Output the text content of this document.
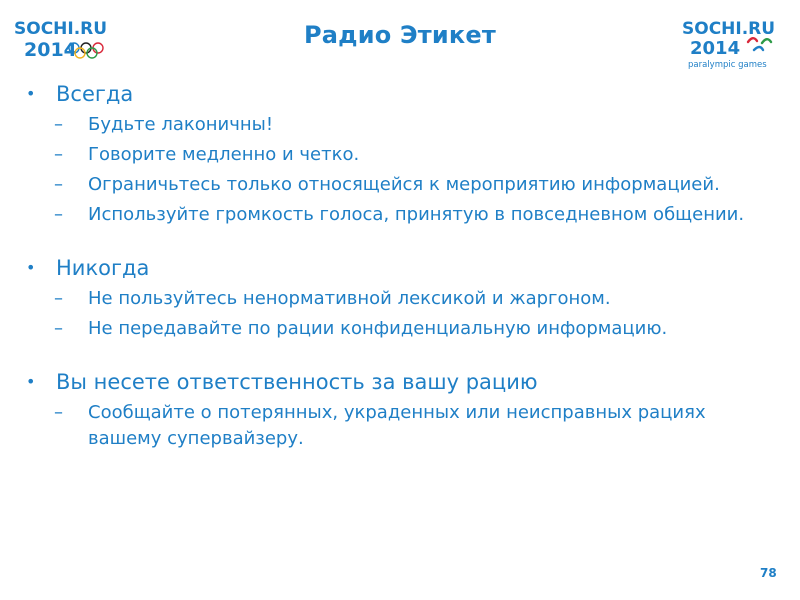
SOCHI.RU
2014
Радио Этикет	SOCHI.RU
2014
paralympic games
• Всегда
–	Будьте лаконичны!
–	Говорите медленно и четко.
–	Ограничьтесь только относящейся к мероприятию информацией.
–	Используйте громкость голоса, принятую в повседневном общении.
• Никогда
–	Не пользуйтесь ненормативной лексикой и жаргоном.
–	Не передавайте по рации конфиденциальную информацию.
• Вы несете ответственность за вашу рацию
–	Сообщайте о потерянных, украденных или неисправных рациях вашему супервайзеру.
78
